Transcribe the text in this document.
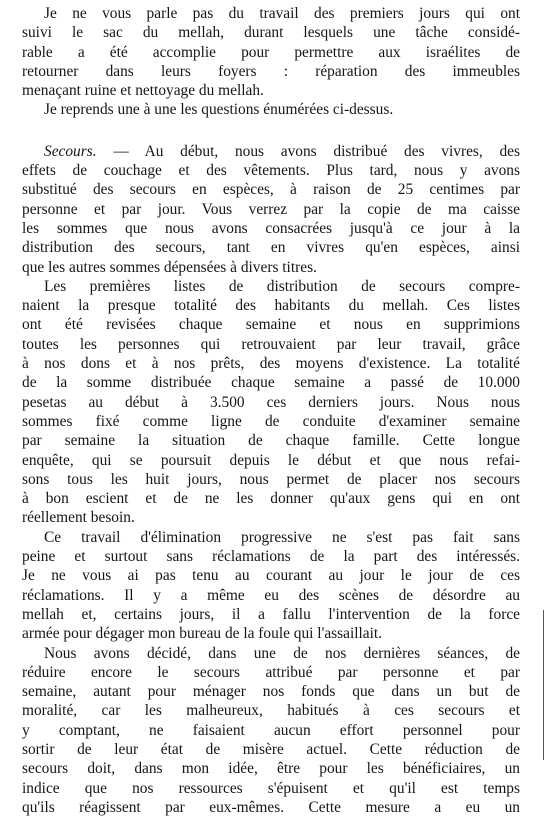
Je ne vous parle pas du travail des premiers jours qui ont
suivi le sac du mellah, durant lesquels une tâche considé-
rable a été accomplie pour permettre aux israélites de
retourner dans leurs foyers : réparation des immeubles
menaçant ruine et nettoyage du mellah.
Je reprends une à une les questions énumérées ci-dessus.
Secours. — Au début, nous avons distribué des vivres, des
effets de couchage et des vêtements. Plus tard, nous y avons
substitué des secours en espèces, à raison de 25 centimes par
personne et par jour. Vous verrez par la copie de ma caisse
les sommes que nous avons consacrées jusqu'à ce jour à la
distribution des secours, tant en vivres qu'en espèces, ainsi
que les autres sommes dépensées à divers titres.
Les premières listes de distribution de secours compre-
naient la presque totalité des habitants du mellah. Ces listes
ont été revisées chaque semaine et nous en supprimions
toutes les personnes qui retrouvaient par leur travail, grâce
à nos dons et à nos prêts, des moyens d'existence. La totalité
de la somme distribuée chaque semaine a passé de 10.000
pesetas au début à 3.500 ces derniers jours. Nous nous
sommes fixé comme ligne de conduite d'examiner semaine
par semaine la situation de chaque famille. Cette longue
enquête, qui se poursuit depuis le début et que nous refai-
sons tous les huit jours, nous permet de placer nos secours
à bon escient et de ne les donner qu'aux gens qui en ont
réellement besoin.
Ce travail d'élimination progressive ne s'est pas fait sans
peine et surtout sans réclamations de la part des intéressés.
Je ne vous ai pas tenu au courant au jour le jour de ces
réclamations. Il y a même eu des scènes de désordre au
mellah et, certains jours, il a fallu l'intervention de la force
armée pour dégager mon bureau de la foule qui l'assaillait.
Nous avons décidé, dans une de nos dernières séances, de
réduire encore le secours attribué par personne et par
semaine, autant pour ménager nos fonds que dans un but de
moralité, car les malheureux, habitués à ces secours et
y comptant, ne faisaient aucun effort personnel pour
sortir de leur état de misère actuel. Cette réduction de
secours doit, dans mon idée, être pour les bénéficiaires, un
indice que nos ressources s'épuisent et qu'il est temps
qu'ils réagissent par eux-mêmes. Cette mesure a eu un
